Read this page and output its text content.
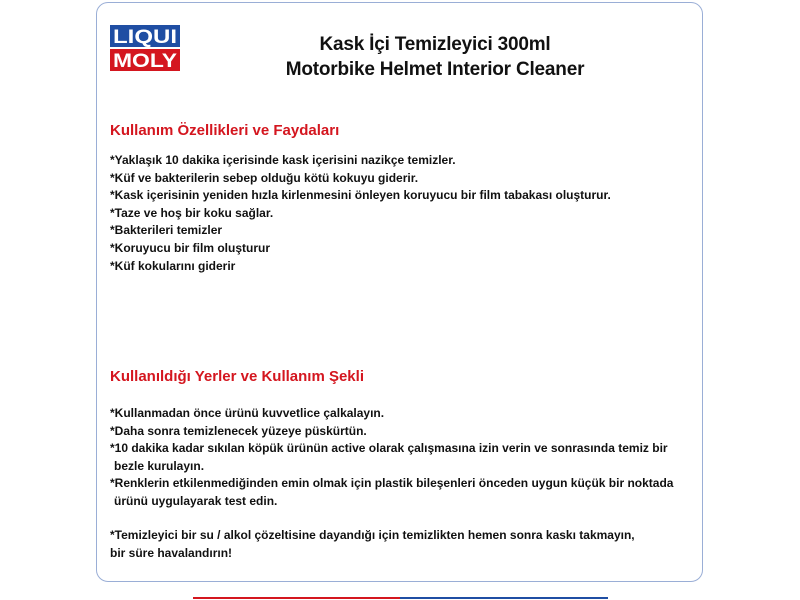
LIQUI
MOLY
Kask İçi Temizleyici 300ml
Motorbike Helmet Interior Cleaner
Kullanım Özellikleri ve Faydaları
*Yaklaşık 10 dakika içerisinde kask içerisini nazikçe temizler.
*Küf ve bakterilerin sebep olduğu kötü kokuyu giderir.
*Kask içerisinin yeniden hızla kirlenmesini önleyen koruyucu bir film tabakası oluşturur.
*Taze ve hoş bir koku sağlar.
*Bakterileri temizler
*Koruyucu bir film oluşturur
*Küf kokularını giderir
Kullanıldığı Yerler ve Kullanım Şekli
*Kullanmadan önce ürünü kuvvetlice çalkalayın.
*Daha sonra temizlenecek yüzeye püskürtün.
*10 dakika kadar sıkılan köpük ürünün active olarak çalışmasına izin verin ve sonrasında temiz bir
bezle kurulayın.
*Renklerin etkilenmediğinden emin olmak için plastik bileşenleri önceden uygun küçük bir noktada
ürünü uygulayarak test edin.
*Temizleyici bir su / alkol çözeltisine dayandığı için temizlikten hemen sonra kaskı takmayın,
bir süre havalandırın!
